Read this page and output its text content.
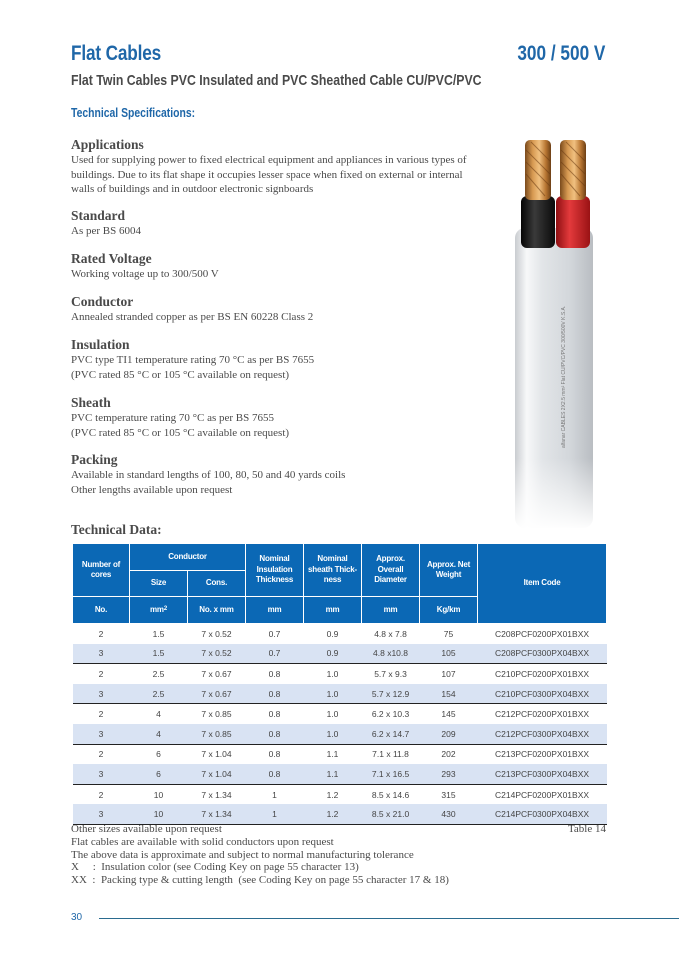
Flat Cables	300 / 500 V
Flat Twin Cables PVC Insulated and PVC Sheathed Cable CU/PVC/PVC
Technical Specifications:
Applications

Used for supplying power to fixed electrical equipment and appliances in various types of

buildings. Due to its flat shape it occupies lesser space when fixed on external or internal

walls of buildings and in outdoor electronic signboards

Standard

As per BS 6004

Rated Voltage

Working voltage up to 300/500 V

Conductor

Annealed stranded copper as per BS EN 60228 Class 2

Insulation

PVC type TI1 temperature rating 70 °C as per BS 7655

(PVC rated 85 °C or 105 °C available on request)

Sheath

PVC temperature rating 70 °C as per BS 7655

(PVC rated 85 °C or 105 °C available on request)

Packing

Available in standard lengths of 100, 80, 50 and 40 yards coils

Other lengths available upon request

alfanar CABLES 2X2.5 mm² Flat CU/PVC/PVC 300/500V K.S.A.
Technical Data:
Number of cores	Conductor		Nominal Insulation Thickness	Nominal sheath Thick-ness	Approx. Overall Diameter	Approx. Net Weight	Item Code
	Size	Cons.					
No.	$mm^2$	No. x mm	mm	mm	mm	Kg/km	
2	1.5	7 x 0.52	0.7	0.9	4.8 x 7.8	75	C208PCF0200PX01BXX
3	1.5	7 x 0.52	0.7	0.9	4.8 x10.8	105	C208PCF0300PX04BXX
2	2.5	7 x 0.67	0.8	1.0	5.7 x 9.3	107	C210PCF0200PX01BXX
3	2.5	7 x 0.67	0.8	1.0	5.7 x 12.9	154	C210PCF0300PX04BXX
2	4	7 x 0.85	0.8	1.0	6.2 x 10.3	145	C212PCF0200PX01BXX
3	4	7 x 0.85	0.8	1.0	6.2 x 14.7	209	C212PCF0300PX04BXX
2	6	7 x 1.04	0.8	1.1	7.1 x 11.8	202	C213PCF0200PX01BXX
3	6	7 x 1.04	0.8	1.1	7.1 x 16.5	293	C213PCF0300PX04BXX
2	10	7 x 1.34	1	1.2	8.5 x 14.6	315	C214PCF0200PX01BXX
3	10	7 x 1.34	1	1.2	8.5 x 21.0	430	C214PCF0300PX04BXX
Other sizes available upon request
Flat cables are available with solid conductors upon request
The above data is approximate and subject to normal manufacturing tolerance
X     :  Insulation color (see Coding Key on page 55 character 13)
XX  :  Packing type & cutting length  (see Coding Key on page 55 character 17 & 18)
Table 14
30
